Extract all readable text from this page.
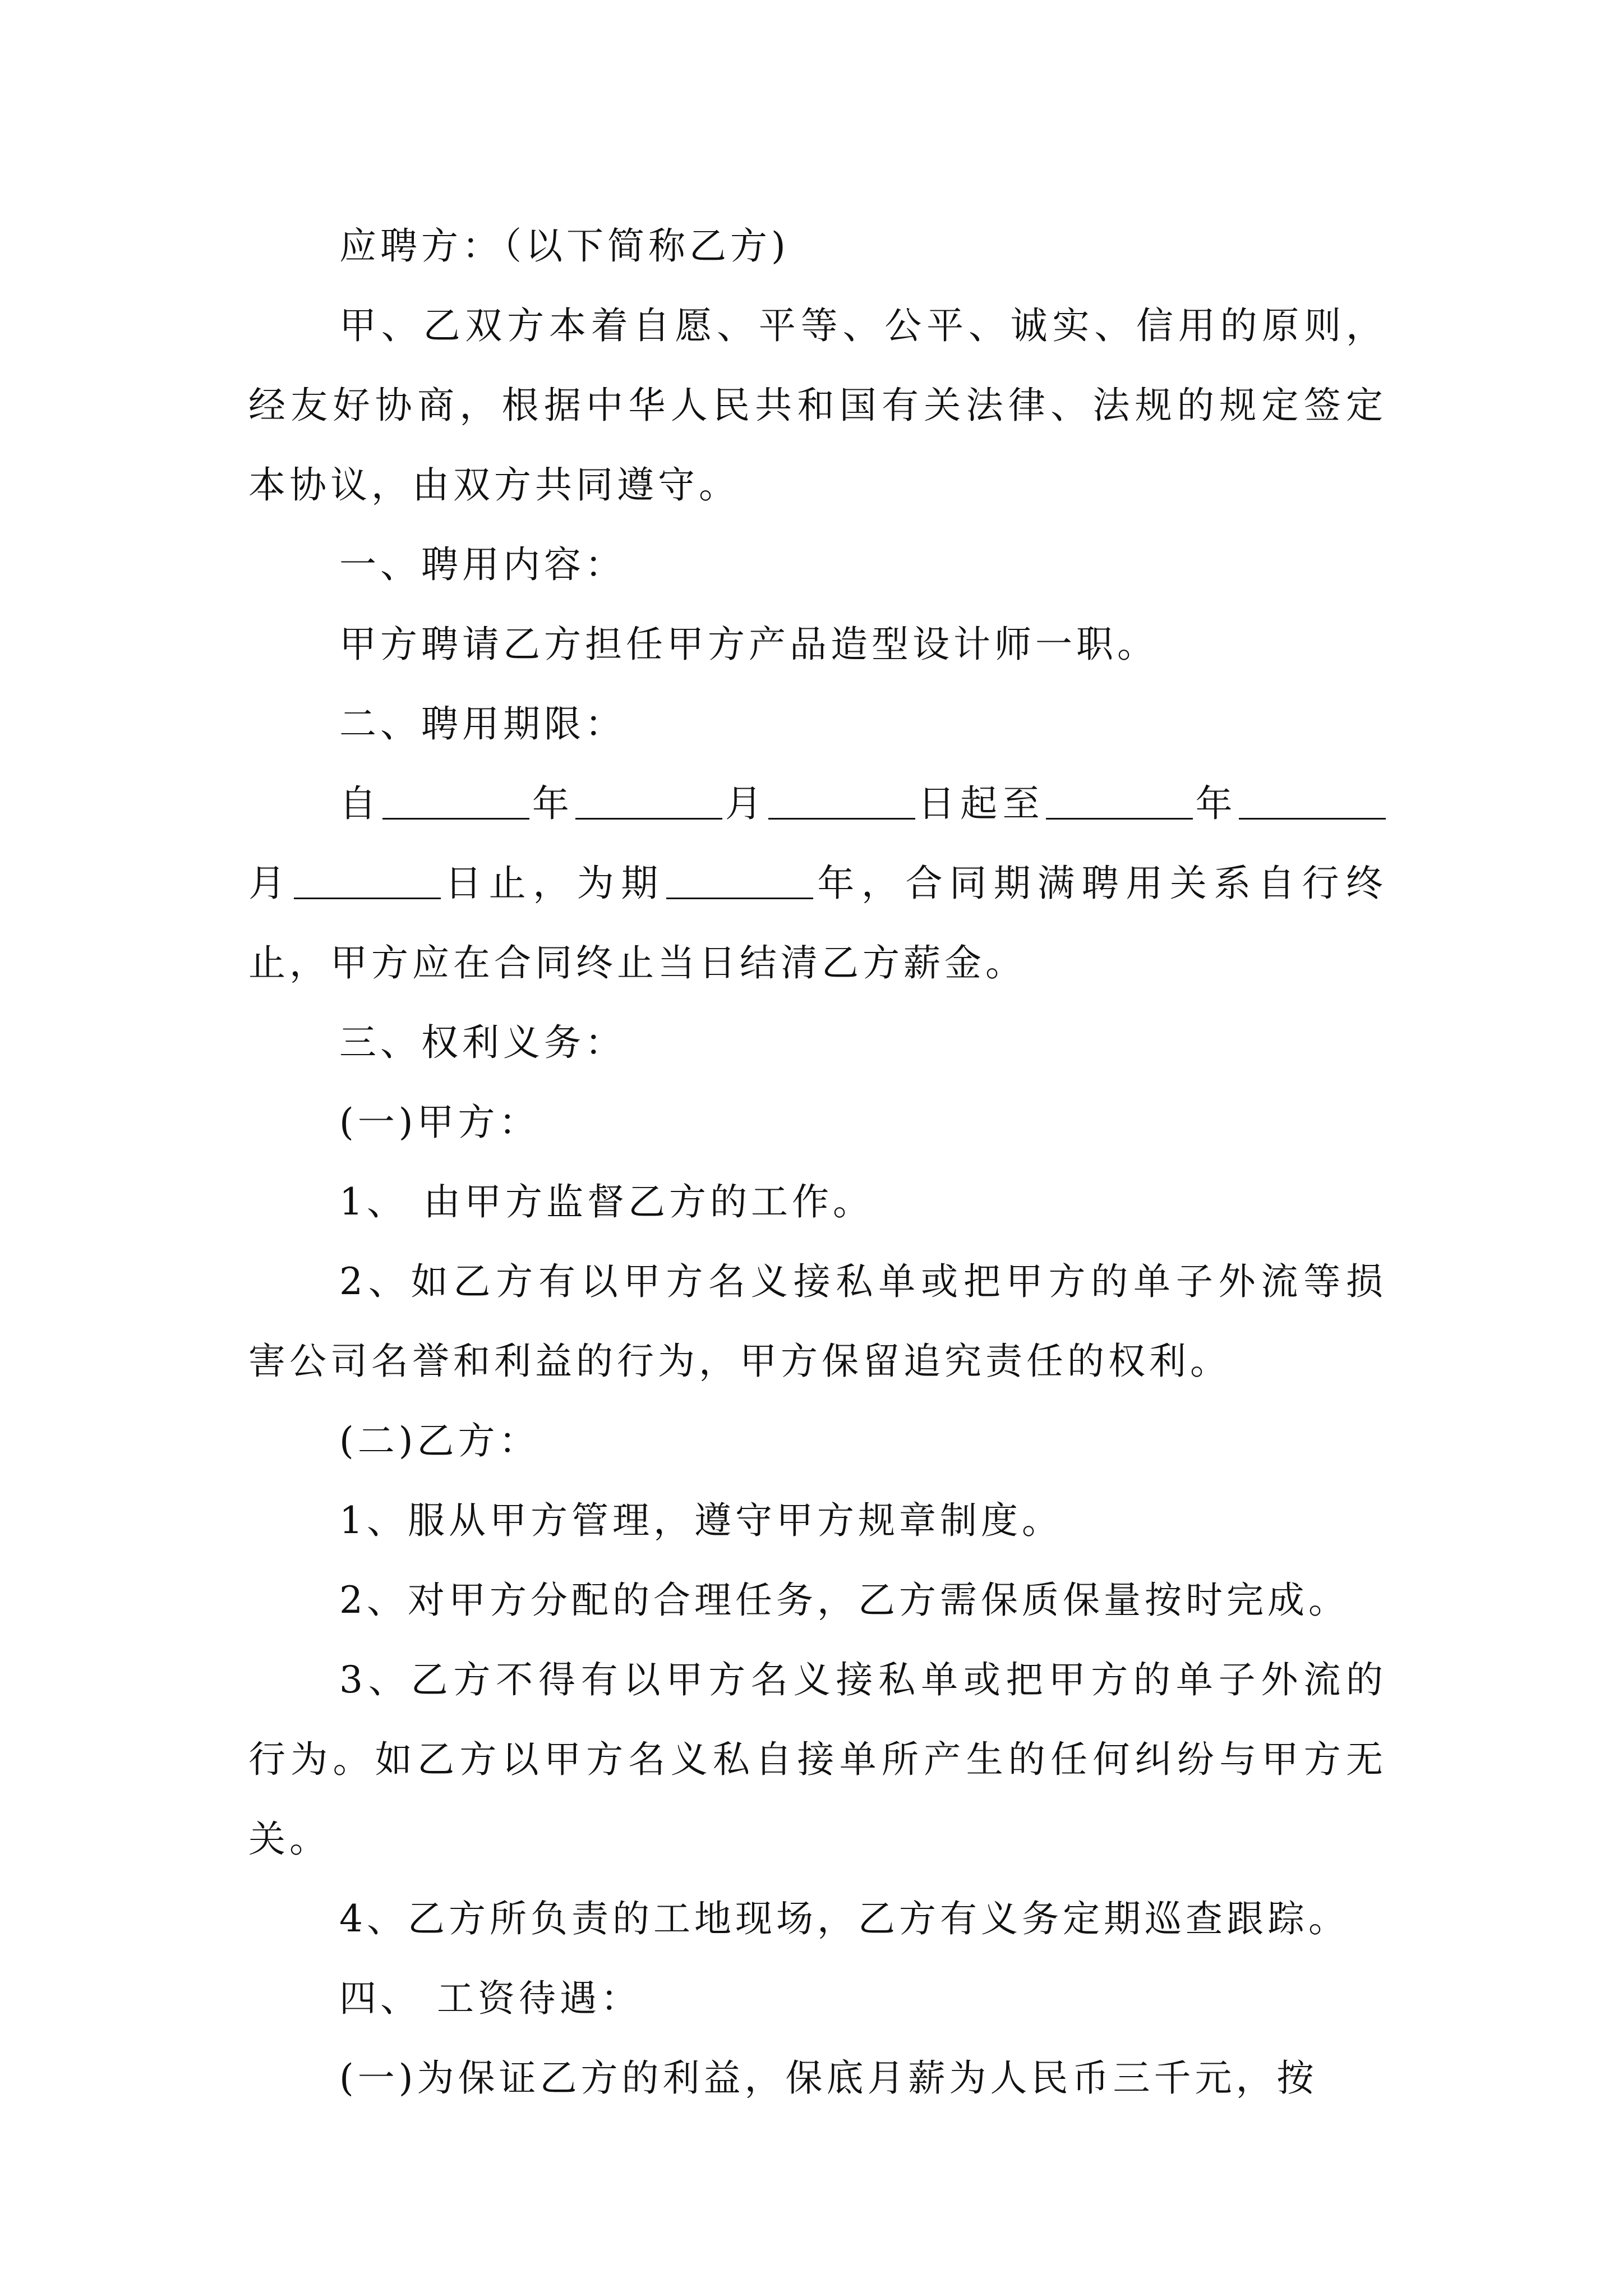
应聘方：（以下简称乙方)

甲、乙双方本着自愿、平等、公平、诚实、信用的原则，经友好协商，根据中华人民共和国有关法律、法规的规定签定本协议，由双方共同遵守。

一、聘用内容：

甲方聘请乙方担任甲方产品造型设计师一职。

二、聘用期限：

自	年	月	日起至	年月	日止，为期	年，合同期满聘用关系自行终止，甲方应在合同终止当日结清乙方薪金。

三、权利义务：

(一)甲方：

1、 由甲方监督乙方的工作。

2、如乙方有以甲方名义接私单或把甲方的单子外流等损害公司名誉和利益的行为，甲方保留追究责任的权利。

(二)乙方：

1、服从甲方管理，遵守甲方规章制度。

2、对甲方分配的合理任务，乙方需保质保量按时完成。

3、乙方不得有以甲方名义接私单或把甲方的单子外流的行为。如乙方以甲方名义私自接单所产生的任何纠纷与甲方无关。

4、乙方所负责的工地现场，乙方有义务定期巡查跟踪。

四、 工资待遇：

(一)为保证乙方的利益，保底月薪为人民币三千元，按
